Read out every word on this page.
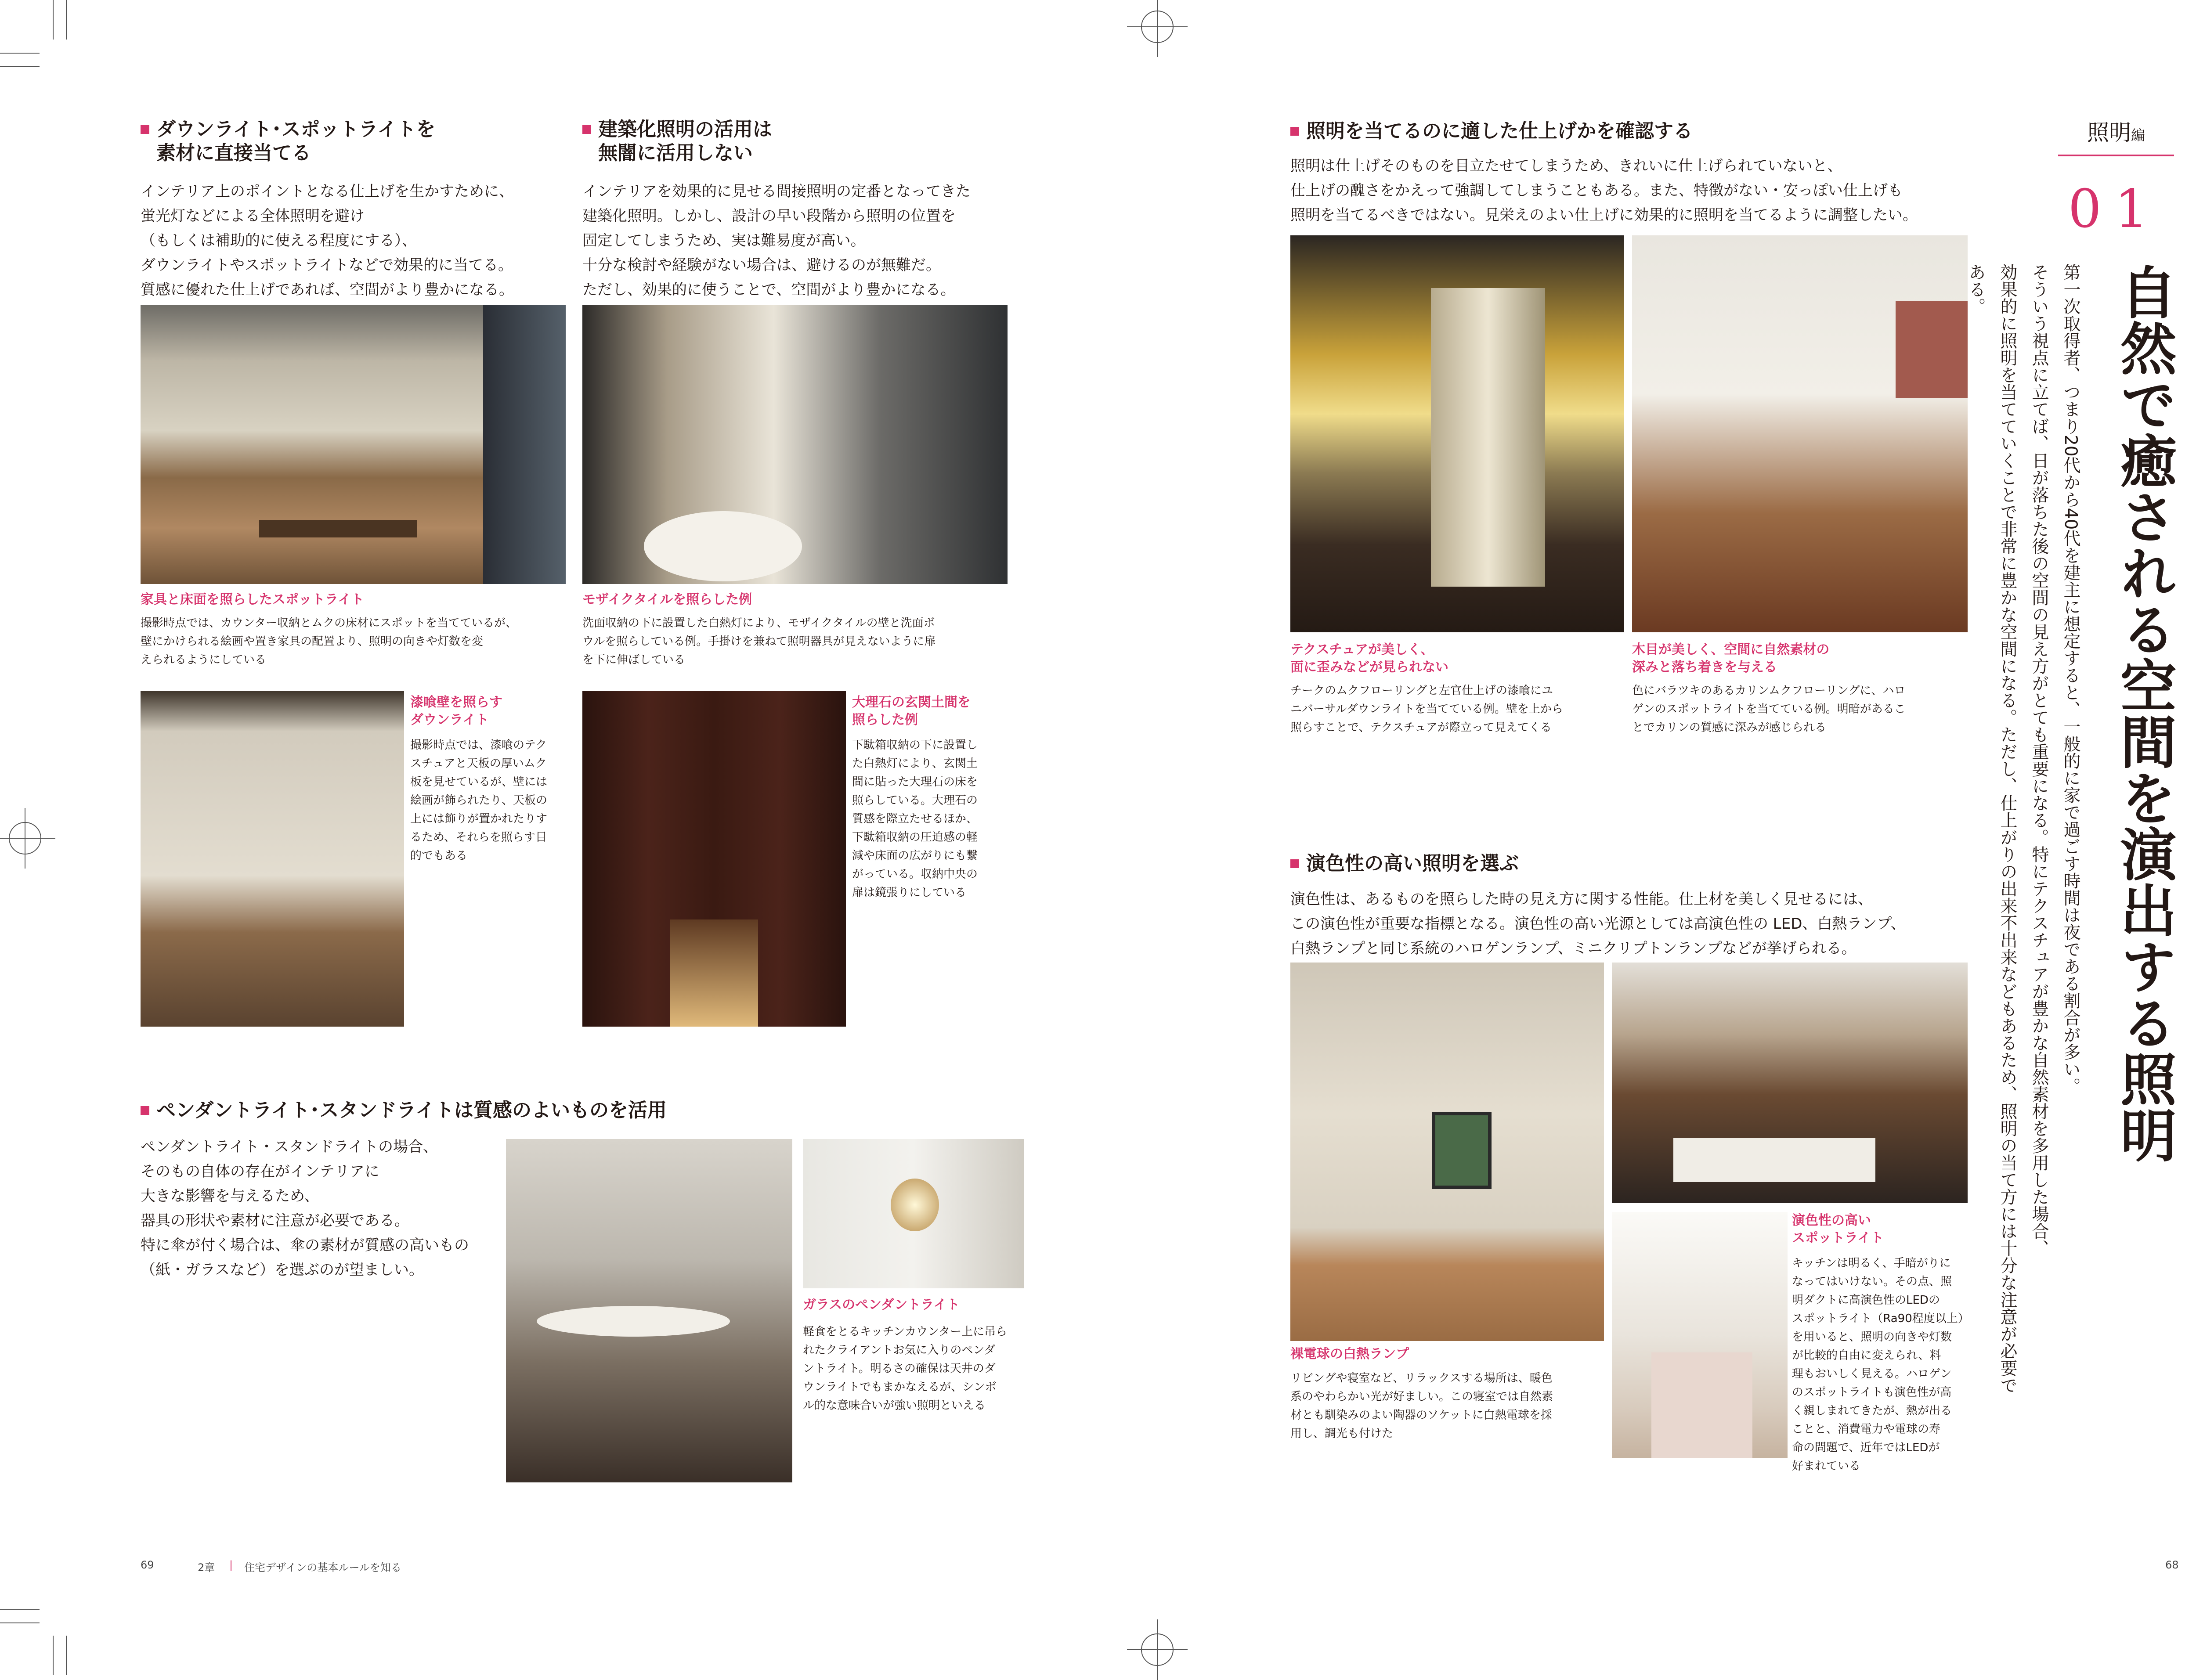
ダウンライト･スポットライトを
素材に直接当てる
インテリア上のポイントとなる仕上げを生かすために、
蛍光灯などによる全体照明を避け
（もしくは補助的に使える程度にする）、
ダウンライトやスポットライトなどで効果的に当てる。
質感に優れた仕上げであれば、空間がより豊かになる。
家具と床面を照らしたスポットライト
撮影時点では、カウンター収納とムクの床材にスポットを当てているが、
壁にかけられる絵画や置き家具の配置より、照明の向きや灯数を変
えられるようにしている
漆喰壁を照らす
ダウンライト
撮影時点では、漆喰のテク
スチュアと天板の厚いムク
板を見せているが、壁には
絵画が飾られたり、天板の
上には飾りが置かれたりす
るため、それらを照らす目
的でもある
建築化照明の活用は
無闇に活用しない
インテリアを効果的に見せる間接照明の定番となってきた
建築化照明。しかし、設計の早い段階から照明の位置を
固定してしまうため、実は難易度が高い。
十分な検討や経験がない場合は、避けるのが無難だ。
ただし、効果的に使うことで、空間がより豊かになる。
モザイクタイルを照らした例
洗面収納の下に設置した白熱灯により、モザイクタイルの壁と洗面ボ
ウルを照らしている例。手掛けを兼ねて照明器具が見えないように扉
を下に伸ばしている
大理石の玄関土間を
照らした例
下駄箱収納の下に設置し
た白熱灯により、玄関土
間に貼った大理石の床を
照らしている。大理石の
質感を際立たせるほか、
下駄箱収納の圧迫感の軽
減や床面の広がりにも繋
がっている。収納中央の
扉は鏡張りにしている
ペンダントライト･スタンドライトは質感のよいものを活用
ペンダントライト・スタンドライトの場合、
そのもの自体の存在がインテリアに
大きな影響を与えるため、
器具の形状や素材に注意が必要である。
特に傘が付く場合は、傘の素材が質感の高いもの
（紙・ガラスなど）を選ぶのが望ましい。
ガラスのペンダントライト
軽食をとるキッチンカウンター上に吊ら
れたクライアントお気に入りのペンダ
ントライト。明るさの確保は天井のダ
ウンライトでもまかなえるが、シンボ
ル的な意味合いが強い照明といえる
69	2章 | 住宅デザインの基本ルールを知る
照明を当てるのに適した仕上げかを確認する
照明は仕上げそのものを目立たせてしまうため、きれいに仕上げられていないと、
仕上げの醜さをかえって強調してしまうこともある。また、特徴がない・安っぽい仕上げも
照明を当てるべきではない。見栄えのよい仕上げに効果的に照明を当てるように調整したい。
テクスチュアが美しく、
面に歪みなどが見られない
チークのムクフローリングと左官仕上げの漆喰にユ
ニバーサルダウンライトを当てている例。壁を上から
照らすことで、テクスチュアが際立って見えてくる
木目が美しく、空間に自然素材の
深みと落ち着きを与える
色にバラツキのあるカリンムクフローリングに、ハロ
ゲンのスポットライトを当てている例。明暗があるこ
とでカリンの質感に深みが感じられる
演色性の高い照明を選ぶ
演色性は、あるものを照らした時の見え方に関する性能。仕上材を美しく見せるには、
この演色性が重要な指標となる。演色性の高い光源としては高演色性の LED、白熱ランプ、
白熱ランプと同じ系統のハロゲンランプ、ミニクリプトンランプなどが挙げられる。
裸電球の白熱ランプ
リビングや寝室など、リラックスする場所は、暖色
系のやわらかい光が好ましい。この寝室では自然素
材とも馴染みのよい陶器のソケットに白熱電球を採
用し、調光も付けた
演色性の高い
スポットライト
キッチンは明るく、手暗がりに
なってはいけない。その点、照
明ダクトに高演色性のLEDの
スポットライト（Ra90程度以上）
を用いると、照明の向きや灯数
が比較的自由に変えられ、料
理もおいしく見える。ハロゲン
のスポットライトも演色性が高
く親しまれてきたが、熱が出る
ことと、消費電力や電球の寿
命の問題で、近年ではLEDが
好まれている
照明編
01
自然で癒される空間を演出する照明
第一次取得者、つまり20代から40代を建主に想定すると、一般的に家で過ごす時間は夜である割合が多い。
そういう視点に立てば、日が落ちた後の空間の見え方がとても重要になる。特にテクスチュアが豊かな自然素材を多用した場合、
効果的に照明を当てていくことで非常に豊かな空間になる。ただし、仕上がりの出来不出来などもあるため、照明の当て方には十分な注意が必要である。
68
